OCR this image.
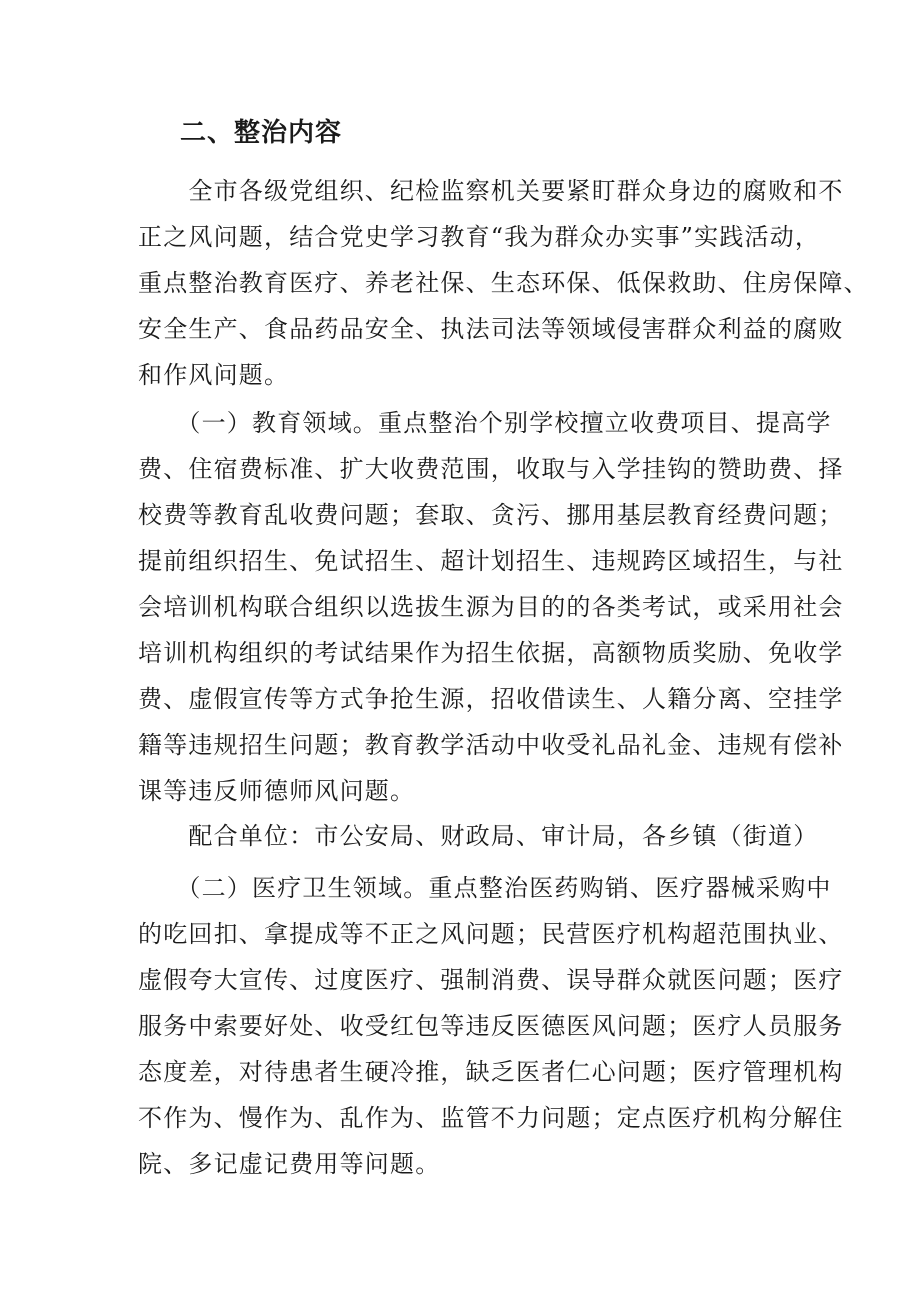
二、整治内容
　　全市各级党组织、纪检监察机关要紧盯群众身边的腐败和不
正之风问题，结合党史学习教育“我为群众办实事”实践活动，
重点整治教育医疗、养老社保、生态环保、低保救助、住房保障、
安全生产、食品药品安全、执法司法等领域侵害群众利益的腐败
和作风问题。
　　（一）教育领域。重点整治个别学校擅立收费项目、提高学
费、住宿费标准、扩大收费范围，收取与入学挂钩的赞助费、择
校费等教育乱收费问题；套取、贪污、挪用基层教育经费问题；
提前组织招生、免试招生、超计划招生、违规跨区域招生，与社
会培训机构联合组织以选拔生源为目的的各类考试，或采用社会
培训机构组织的考试结果作为招生依据，高额物质奖励、免收学
费、虚假宣传等方式争抢生源，招收借读生、人籍分离、空挂学
籍等违规招生问题；教育教学活动中收受礼品礼金、违规有偿补
课等违反师德师风问题。
　　配合单位：市公安局、财政局、审计局，各乡镇（街道）
　　（二）医疗卫生领域。重点整治医药购销、医疗器械采购中
的吃回扣、拿提成等不正之风问题；民营医疗机构超范围执业、
虚假夸大宣传、过度医疗、强制消费、误导群众就医问题；医疗
服务中索要好处、收受红包等违反医德医风问题；医疗人员服务
态度差，对待患者生硬冷推，缺乏医者仁心问题；医疗管理机构
不作为、慢作为、乱作为、监管不力问题；定点医疗机构分解住
院、多记虚记费用等问题。
